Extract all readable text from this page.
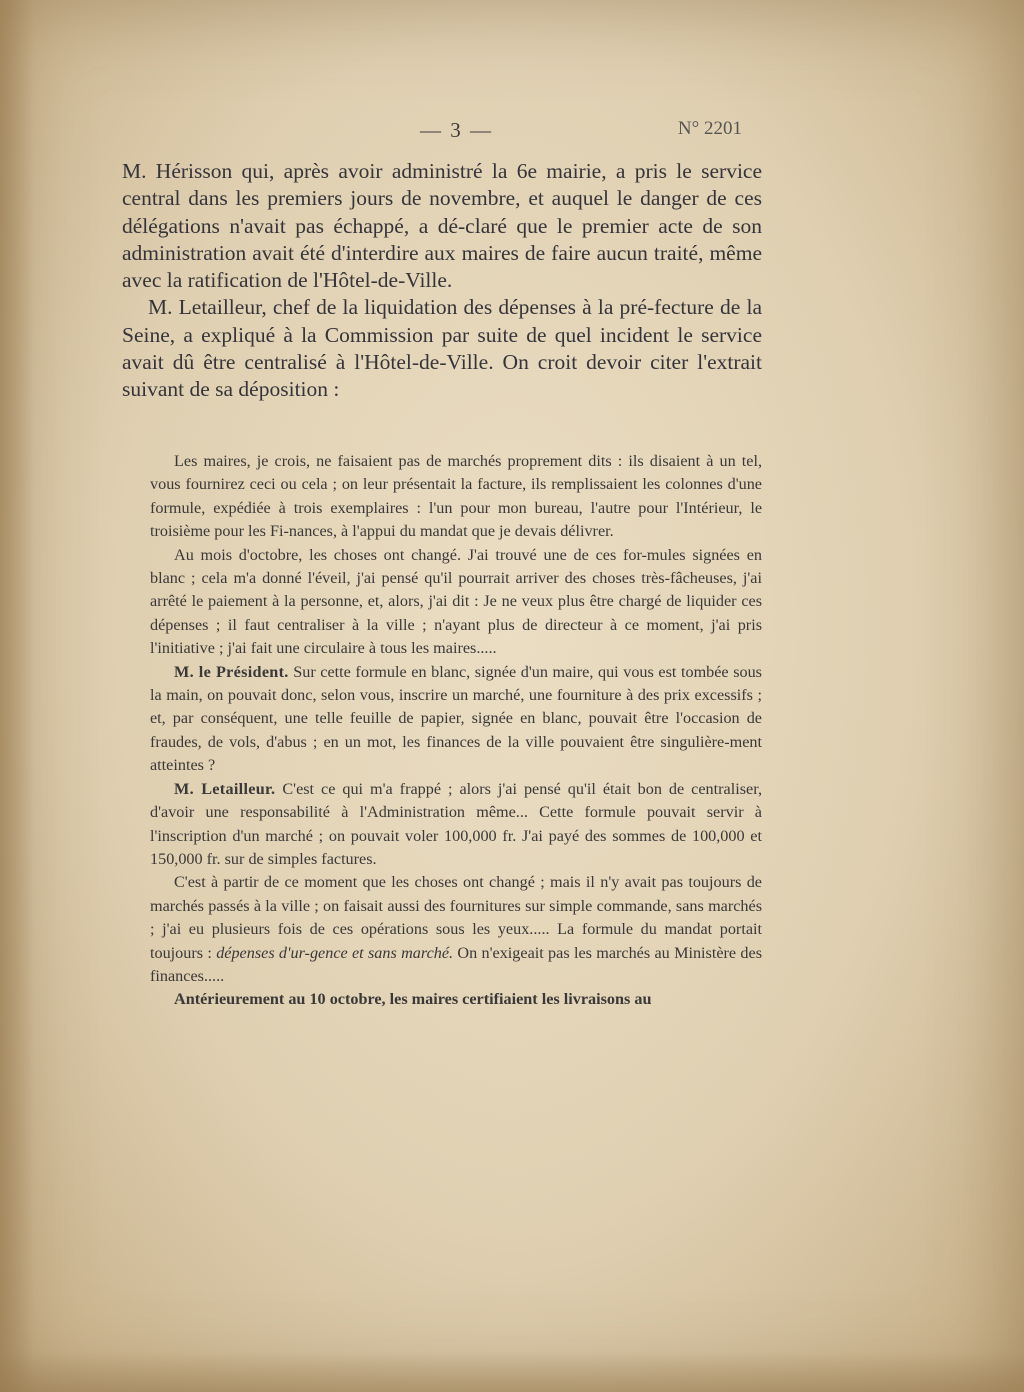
— 3 —	N° 2201

M. Hérisson qui, après avoir administré la 6e mairie, a pris le service central dans les premiers jours de novembre, et auquel le danger de ces délégations n'avait pas échappé, a dé-claré que le premier acte de son administration avait été d'interdire aux maires de faire aucun traité, même avec la ratification de l'Hôtel-de-Ville.

M. Letailleur, chef de la liquidation des dépenses à la pré-fecture de la Seine, a expliqué à la Commission par suite de quel incident le service avait dû être centralisé à l'Hôtel-de-Ville. On croit devoir citer l'extrait suivant de sa déposition :

Les maires, je crois, ne faisaient pas de marchés proprement dits : ils disaient à un tel, vous fournirez ceci ou cela ; on leur présentait la facture, ils remplissaient les colonnes d'une formule, expédiée à trois exemplaires : l'un pour mon bureau, l'autre pour l'Intérieur, le troisième pour les Fi-nances, à l'appui du mandat que je devais délivrer.

Au mois d'octobre, les choses ont changé. J'ai trouvé une de ces for-mules signées en blanc ; cela m'a donné l'éveil, j'ai pensé qu'il pourrait arriver des choses très-fâcheuses, j'ai arrêté le paiement à la personne, et, alors, j'ai dit : Je ne veux plus être chargé de liquider ces dépenses ; il faut centraliser à la ville ; n'ayant plus de directeur à ce moment, j'ai pris l'initiative ; j'ai fait une circulaire à tous les maires.....

M. le Président. Sur cette formule en blanc, signée d'un maire, qui vous est tombée sous la main, on pouvait donc, selon vous, inscrire un marché, une fourniture à des prix excessifs ; et, par conséquent, une telle feuille de papier, signée en blanc, pouvait être l'occasion de fraudes, de vols, d'abus ; en un mot, les finances de la ville pouvaient être singulière-ment atteintes ?

M. Letailleur. C'est ce qui m'a frappé ; alors j'ai pensé qu'il était bon de centraliser, d'avoir une responsabilité à l'Administration même... Cette formule pouvait servir à l'inscription d'un marché ; on pouvait voler 100,000 fr. J'ai payé des sommes de 100,000 et 150,000 fr. sur de simples factures.

C'est à partir de ce moment que les choses ont changé ; mais il n'y avait pas toujours de marchés passés à la ville ; on faisait aussi des fournitures sur simple commande, sans marchés ; j'ai eu plusieurs fois de ces opérations sous les yeux..... La formule du mandat portait toujours : dépenses d'ur-gence et sans marché. On n'exigeait pas les marchés au Ministère des finances.....

Antérieurement au 10 octobre, les maires certifiaient les livraisons au
